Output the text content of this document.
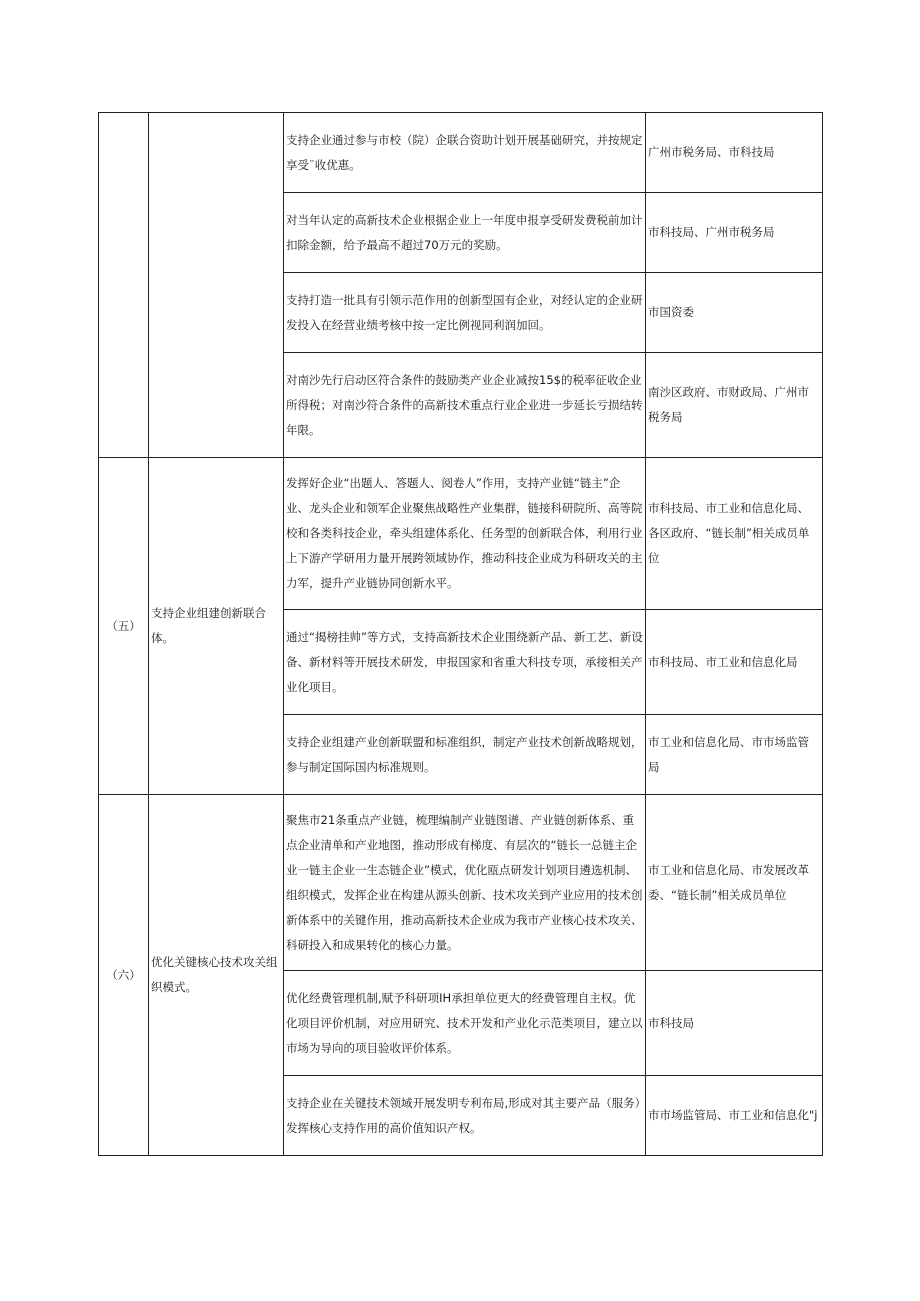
		支持企业通过参与市校（院）企联合资助计划开展基础研究，并按规定享受¨收优惠。	广州市税务局、市科技局
		对当年认定的高新技术企业根据企业上一年度申报享受研发费税前加计扣除金额，给予最高不超过70万元的奖励。	市科技局、广州市税务局
		支持打造一批具有引领示范作用的创新型国有企业，对经认定的企业研发投入在经营业绩考核中按一定比例视同利润加回。	市国资委
		对南沙先行启动区符合条件的鼓励类产业企业减按15$的税率征收企业所得税；对南沙符合条件的高新技术重点行业企业进一步延长亏损结转年限。	南沙区政府、市财政局、广州市税务局
（五）	支持企业组建创新联合体。	发挥好企业“出题人、答题人、阅卷人”作用，支持产业链“链主”企业、龙头企业和领军企业聚焦战略性产业集群，链接科研院所、高等院校和各类科技企业，牵头组建体系化、任务型的创新联合体，利用行业上下游产学研用力量开展跨领域协作，推动科技企业成为科研攻关的主力军，提升产业链协同创新水平。	市科技局、市工业和信息化局、各区政府、“链长制”相关成员单位
		通过“揭榜挂帅”等方式，支持高新技术企业围绕新产品、新工艺、新设备、新材料等开展技术研发，申报国家和省重大科技专项，承接相关产业化项目。	市科技局、市工业和信息化局
		支持企业组建产业创新联盟和标准组织，制定产业技术创新战略规划，参与制定国际国内标准规则。	市工业和信息化局、市市场监管局
（六）	优化关键核心技术攻关组织模式。	聚焦市21条重点产业链，梳理编制产业链图谱、产业链创新体系、重点企业清单和产业地图，推动形成有梯度、有层次的“链长一总链主企业一链主企业一生态链企业”模式，优化瓯点研发计划项目遴选机制、组织模式，发挥企业在构建从源头创新、技术攻关到产业应用的技术创新体系中的关键作用，推动高新技术企业成为我市产业核心技术攻关、科研投入和成果转化的核心力量。	市工业和信息化局、市发展改革委、“链长制”相关成员单位
		优化经费管理机制,赋予科研项IH承担单位更大的经费管理自主权。优化项目评价机制，对应用研究、技术开发和产业化示范类项目，建立以市场为导向的项目验收评价体系。	市科技局
		支持企业在关键技术领域开展发明专利布局,形成对其主要产品（服务）发挥核心支持作用的高价值知识产权。	市市场监管局、市工业和信息化"j
